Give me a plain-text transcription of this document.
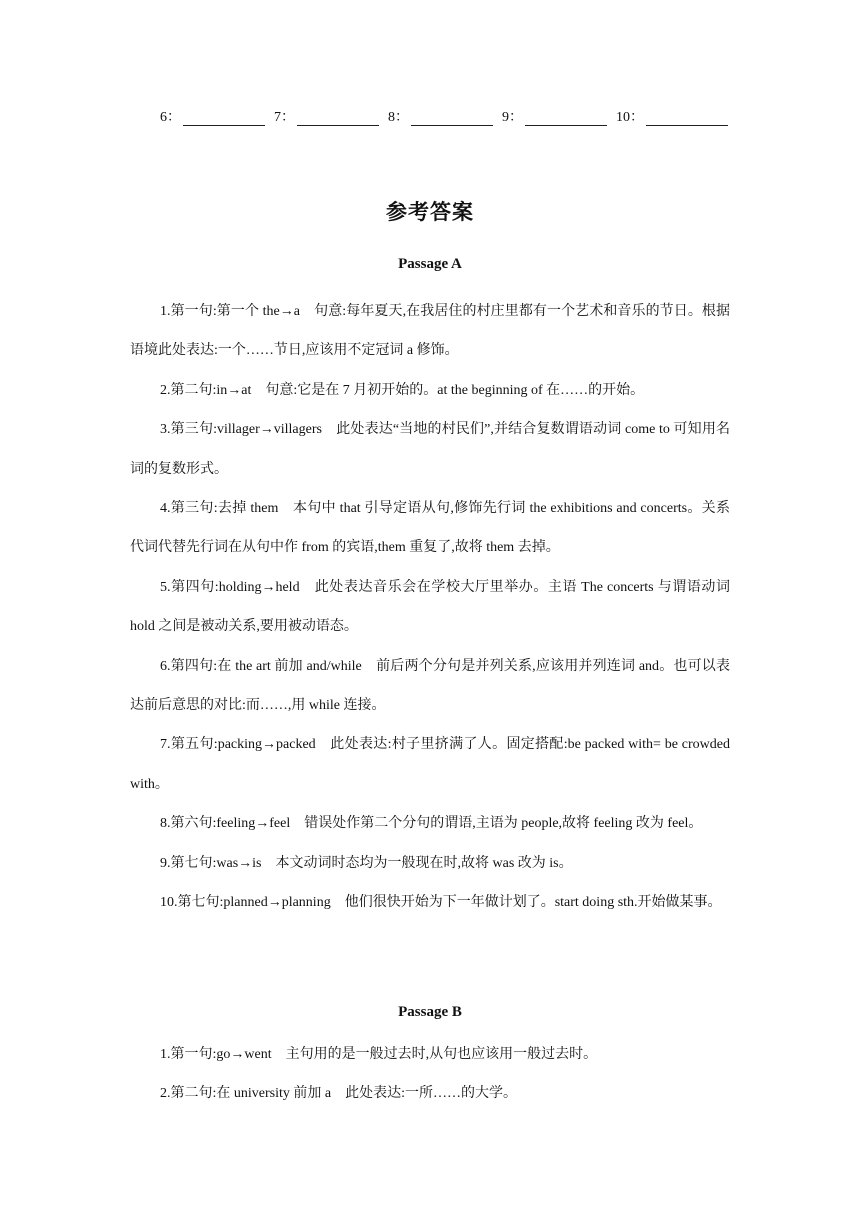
6：	7：	8：	9：	10：
参考答案
Passage A

1.第一句:第一个 the→a　句意:每年夏天,在我居住的村庄里都有一个艺术和音乐的节日。根据语境此处表达:一个……节日,应该用不定冠词 a 修饰。

2.第二句:in→at　句意:它是在 7 月初开始的。at the beginning of 在……的开始。

3.第三句:villager→villagers　此处表达“当地的村民们”,并结合复数谓语动词 come to 可知用名词的复数形式。

4.第三句:去掉 them　本句中 that 引导定语从句,修饰先行词 the exhibitions and concerts。关系代词代替先行词在从句中作 from 的宾语,them 重复了,故将 them 去掉。

5.第四句:holding→held　此处表达音乐会在学校大厅里举办。主语 The concerts 与谓语动词 hold 之间是被动关系,要用被动语态。

6.第四句:在 the art 前加 and/while　前后两个分句是并列关系,应该用并列连词 and。也可以表达前后意思的对比:而……,用 while 连接。

7.第五句:packing→packed　此处表达:村子里挤满了人。固定搭配:be packed with= be crowded with。

8.第六句:feeling→feel　错误处作第二个分句的谓语,主语为 people,故将 feeling 改为 feel。

9.第七句:was→is　本文动词时态均为一般现在时,故将 was 改为 is。

10.第七句:planned→planning　他们很快开始为下一年做计划了。start doing sth.开始做某事。

Passage B

1.第一句:go→went　主句用的是一般过去时,从句也应该用一般过去时。

2.第二句:在 university 前加 a　此处表达:一所……的大学。
